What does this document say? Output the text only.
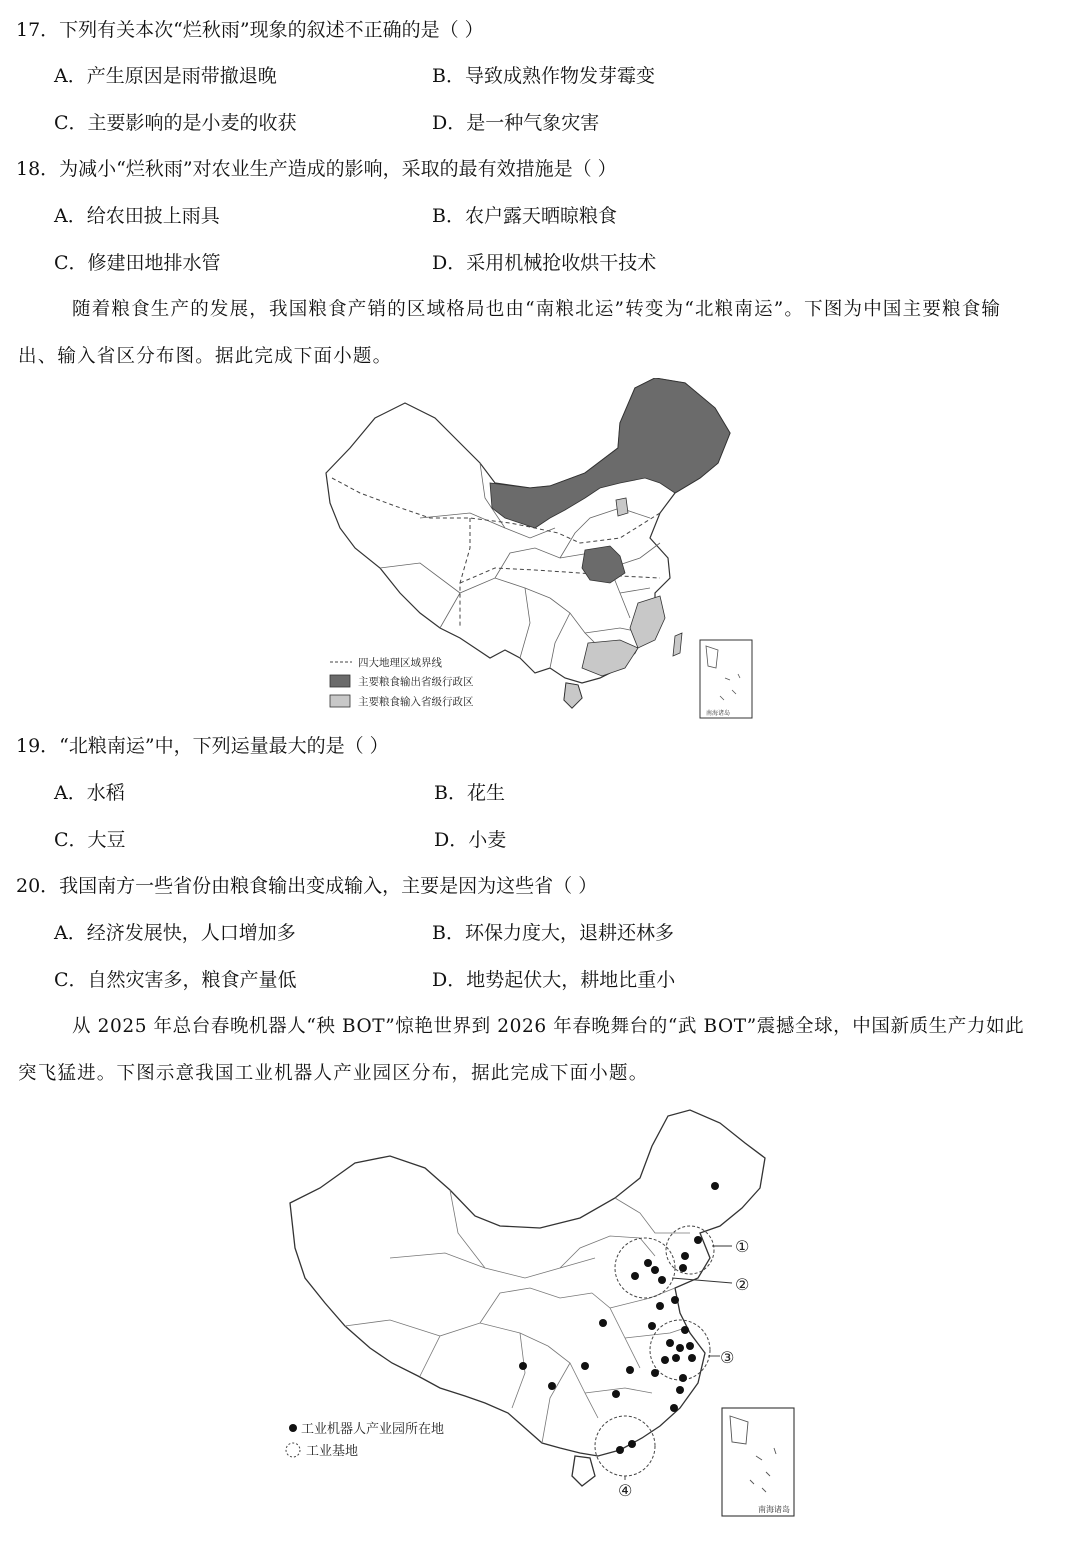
17．下列有关本次“烂秋雨”现象的叙述不正确的是（ ）
A．产生原因是雨带撤退晚	B．导致成熟作物发芽霉变
C．主要影响的是小麦的收获	D．是一种气象灾害
18．为减小“烂秋雨”对农业生产造成的影响，采取的最有效措施是（ ）
A．给农田披上雨具	B．农户露天晒晾粮食
C．修建田地排水管	D．采用机械抢收烘干技术
随着粮食生产的发展，我国粮食产销的区域格局也由“南粮北运”转变为“北粮南运”。下图为中国主要粮食输
出、输入省区分布图。据此完成下面小题。
四大地理区域界线
主要粮食输出省级行政区
主要粮食输入省级行政区
南海诸岛
19．“北粮南运”中，下列运量最大的是（ ）
A．水稻	B．花生
C．大豆	D．小麦
20．我国南方一些省份由粮食输出变成输入，主要是因为这些省（ ）
A．经济发展快，人口增加多	B．环保力度大，退耕还林多
C．自然灾害多，粮食产量低	D．地势起伏大，耕地比重小
从 2025 年总台春晚机器人“秧 BOT”惊艳世界到 2026 年春晚舞台的“武 BOT”震撼全球，中国新质生产力如此
突飞猛进。下图示意我国工业机器人产业园区分布，据此完成下面小题。
①
②
③
④
工业机器人产业园所在地
工业基地
南海诸岛
